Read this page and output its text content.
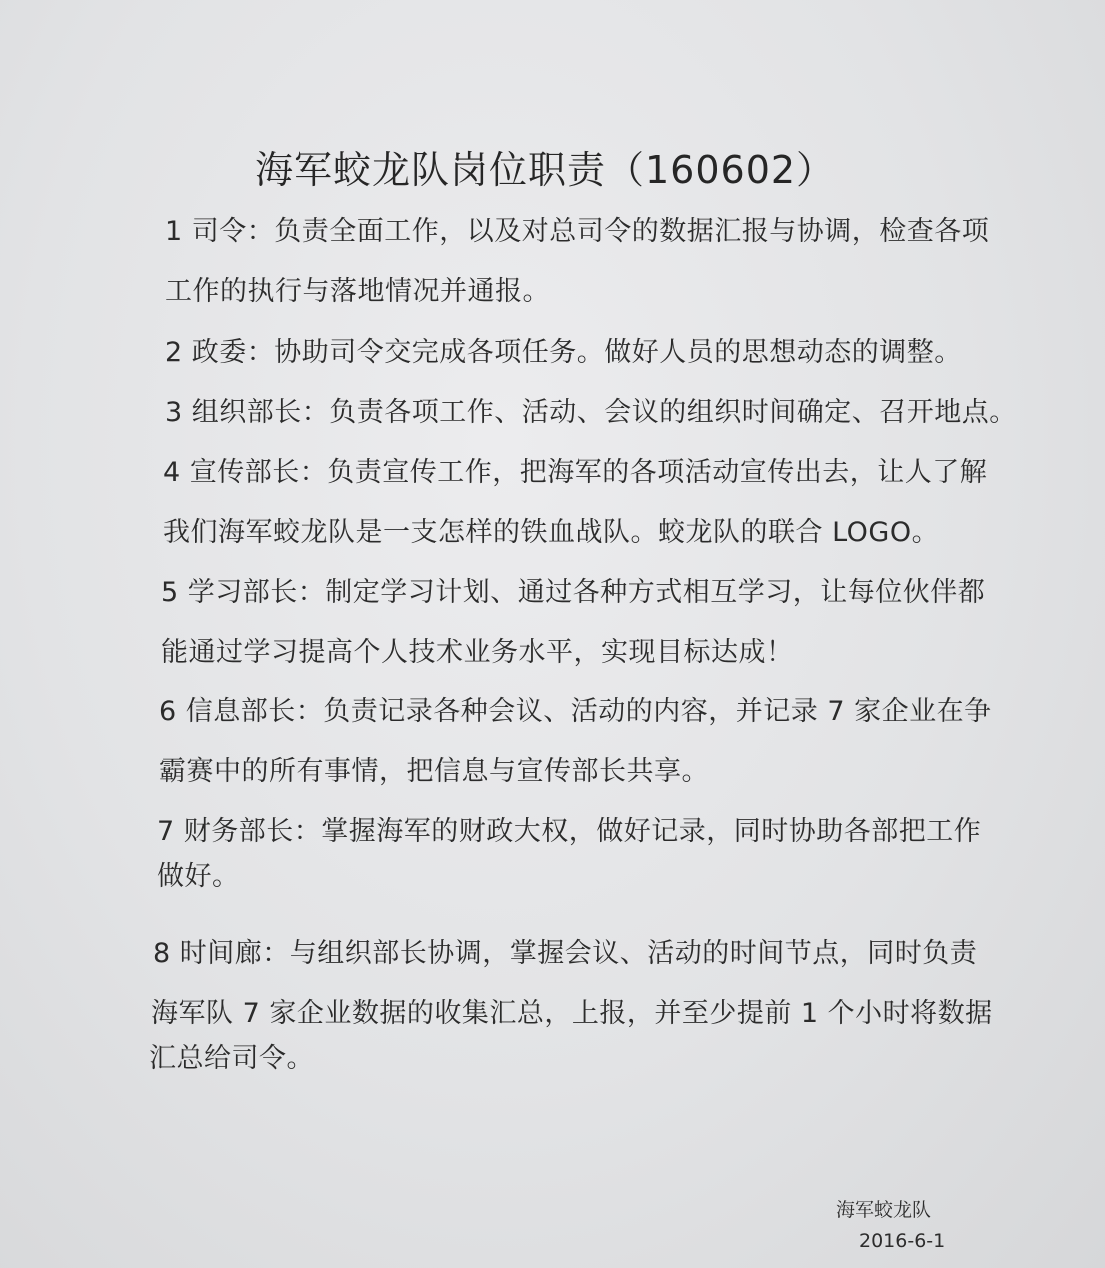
海军蛟龙队岗位职责（160602）
1 司令：负责全面工作，以及对总司令的数据汇报与协调，检查各项
工作的执行与落地情况并通报。
2 政委：协助司令交完成各项任务。做好人员的思想动态的调整。
3 组织部长：负责各项工作、活动、会议的组织时间确定、召开地点。
4 宣传部长：负责宣传工作，把海军的各项活动宣传出去，让人了解
我们海军蛟龙队是一支怎样的铁血战队。蛟龙队的联合 LOGO。
5 学习部长：制定学习计划、通过各种方式相互学习，让每位伙伴都
能通过学习提高个人技术业务水平，实现目标达成！
6 信息部长：负责记录各种会议、活动的内容，并记录 7 家企业在争
霸赛中的所有事情，把信息与宣传部长共享。
7 财务部长：掌握海军的财政大权，做好记录，同时协助各部把工作
做好。
8 时间廊：与组织部长协调，掌握会议、活动的时间节点，同时负责
海军队 7 家企业数据的收集汇总，上报，并至少提前 1 个小时将数据
汇总给司令。
海军蛟龙队
2016-6-1
